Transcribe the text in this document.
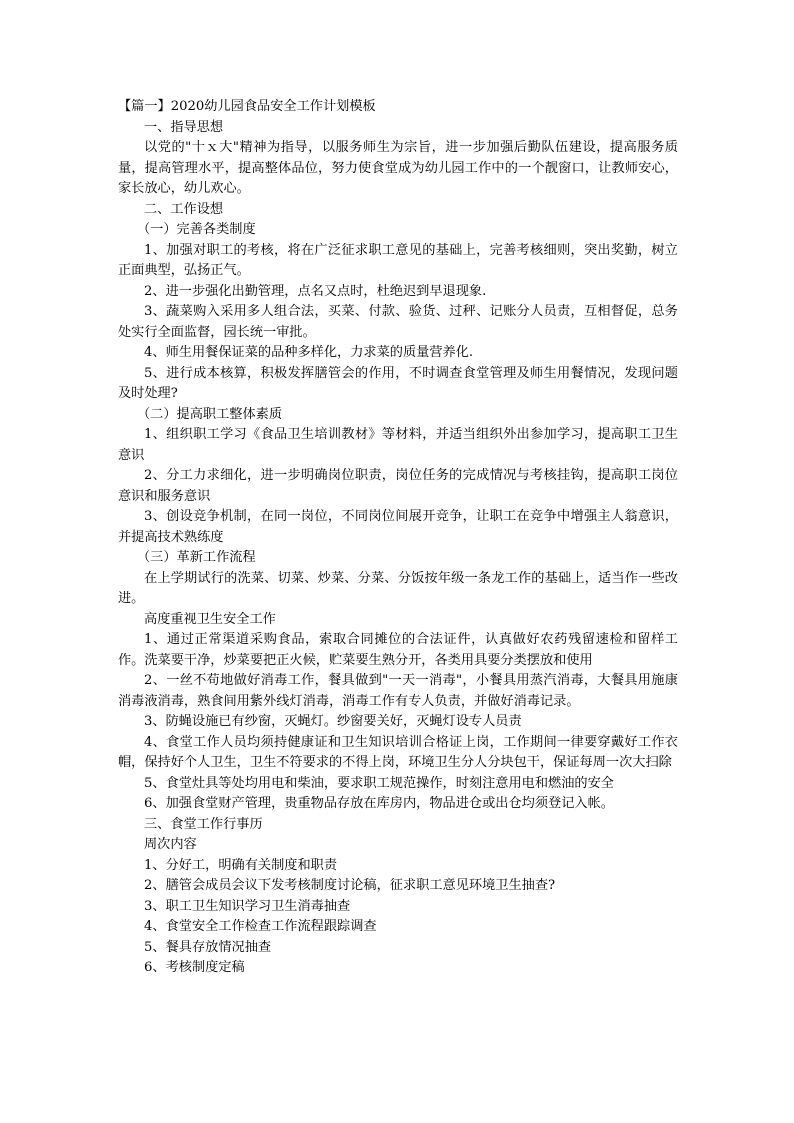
【篇一】2020幼儿园食品安全工作计划模板

一、指导思想

以党的"十ｘ大"精神为指导，以服务师生为宗旨，进一步加强后勤队伍建设，提高服务质量，提高管理水平，提高整体品位，努力使食堂成为幼儿园工作中的一个靓窗口，让教师安心，家长放心，幼儿欢心。

二、工作设想

（一）完善各类制度

1、加强对职工的考核，将在广泛征求职工意见的基础上，完善考核细则，突出奖勤，树立正面典型，弘扬正气。

2、进一步强化出勤管理，点名又点时，杜绝迟到早退现象.

3、蔬菜购入采用多人组合法，买菜、付款、验货、过秤、记账分人员责，互相督促，总务处实行全面监督，园长统一审批。

4、师生用餐保证菜的品种多样化，力求菜的质量营养化.

5、进行成本核算，积极发挥膳管会的作用，不时调查食堂管理及师生用餐情况，发现问题及时处理?

（二）提高职工整体素质

1、组织职工学习《食品卫生培训教材》等材料，并适当组织外出参加学习，提高职工卫生意识

2、分工力求细化，进一步明确岗位职责，岗位任务的完成情况与考核挂钩，提高职工岗位意识和服务意识

3、创设竞争机制，在同一岗位，不同岗位间展开竞争，让职工在竞争中增强主人翁意识，并提高技术熟练度

（三）革新工作流程

在上学期试行的洗菜、切菜、炒菜、分菜、分饭按年级一条龙工作的基础上，适当作一些改进。

高度重视卫生安全工作

1、通过正常渠道采购食品，索取合同摊位的合法证件，认真做好农药残留速检和留样工作。洗菜要干净，炒菜要把正火候，贮菜要生熟分开，各类用具要分类摆放和使用

2、一丝不苟地做好消毒工作，餐具做到"一天一消毒"，小餐具用蒸汽消毒，大餐具用施康消毒液消毒，熟食间用紫外线灯消毒，消毒工作有专人负责，并做好消毒记录。

3、防蝇设施已有纱窗，灭蝇灯。纱窗要关好，灭蝇灯设专人员责

4、食堂工作人员均须持健康证和卫生知识培训合格证上岗，工作期间一律要穿戴好工作衣帽，保持好个人卫生，卫生不符要求的不得上岗，环境卫生分人分块包干，保证每周一次大扫除

5、食堂灶具等处均用电和柴油，要求职工规范操作，时刻注意用电和燃油的安全

6、加强食堂财产管理，贵重物品存放在库房内，物品进仓或出仓均须登记入帐。

三、食堂工作行事历

周次内容

1、分好工，明确有关制度和职责

2、膳管会成员会议下发考核制度讨论稿，征求职工意见环境卫生抽查?

3、职工卫生知识学习卫生消毒抽查

4、食堂安全工作检查工作流程跟踪调查

5、餐具存放情况抽查

6、考核制度定稿
